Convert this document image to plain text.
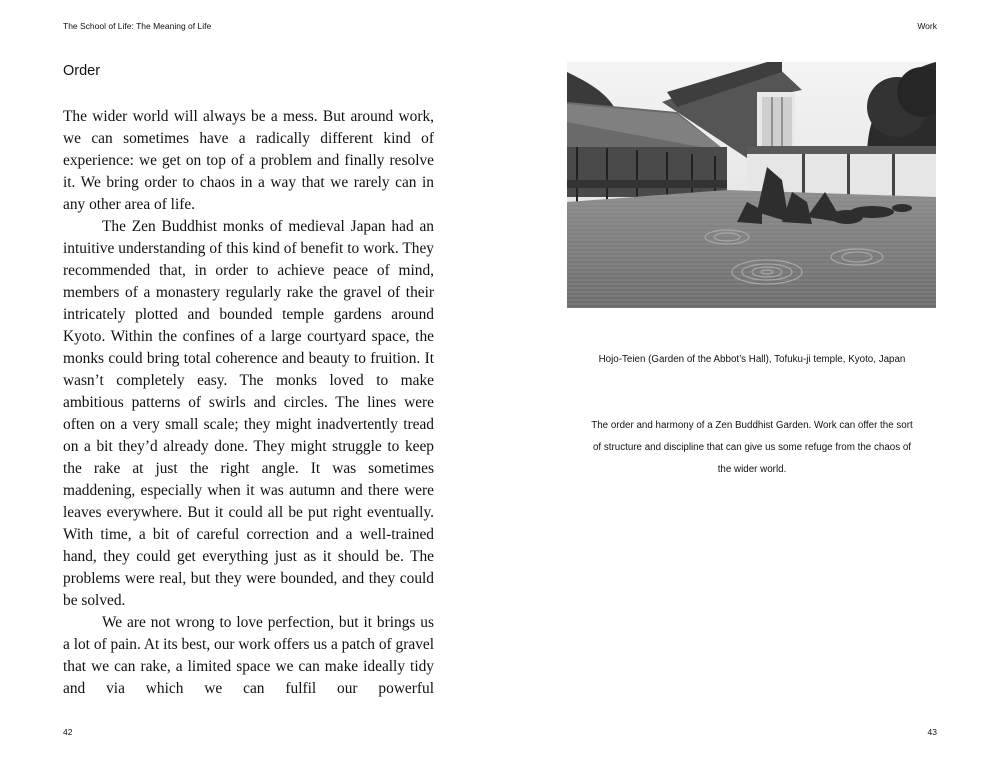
The School of Life: The Meaning of Life
Order

The wider world will always be a mess. But around work, we can sometimes have a radically different kind of experience: we get on top of a problem and finally resolve it. We bring order to chaos in a way that we rarely can in any other area of life.

The Zen Buddhist monks of medieval Japan had an intuitive understanding of this kind of benefit to work. They recommended that, in order to achieve peace of mind, members of a monastery regularly rake the gravel of their intricately plotted and bounded temple gardens around Kyoto. Within the confines of a large courtyard space, the monks could bring total coherence and beauty to fruition. It wasn’t completely easy. The monks loved to make ambitious patterns of swirls and circles. The lines were often on a very small scale; they might inadvertently tread on a bit they’d already done. They might struggle to keep the rake at just the right angle. It was sometimes maddening, especially when it was autumn and there were leaves everywhere. But it could all be put right eventually. With time, a bit of careful correction and a well-trained hand, they could get everything just as it should be. The problems were real, but they were bounded, and they could be solved.

We are not wrong to love perfection, but it brings us a lot of pain. At its best, our work offers us a patch of gravel that we can rake, a limited space we can make ideally tidy and via which we can fulfil our powerful

42
Work

Hojo-Teien (Garden of the Abbot’s Hall), Tofuku-ji temple, Kyoto, Japan

The order and harmony of a Zen Buddhist Garden. Work can offer the sort of structure and discipline that can give us some refuge from the chaos of the wider world.

43
